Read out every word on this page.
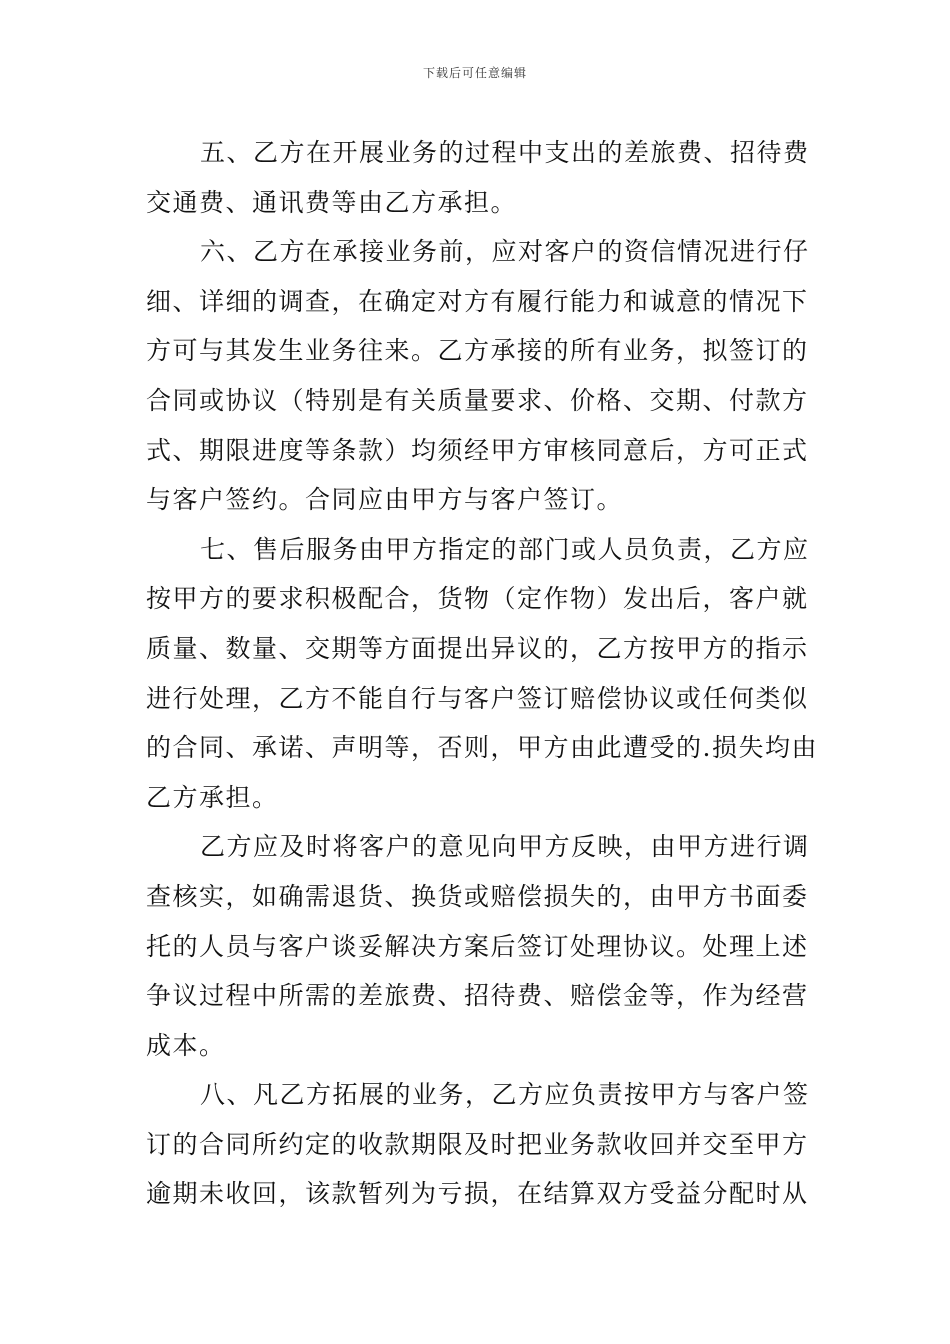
下载后可任意编辑
五、乙方在开展业务的过程中支出的差旅费、招待费
交通费、通讯费等由乙方承担。
六、乙方在承接业务前，应对客户的资信情况进行仔
细、详细的调查，在确定对方有履行能力和诚意的情况下
方可与其发生业务往来。乙方承接的所有业务，拟签订的
合同或协议（特别是有关质量要求、价格、交期、付款方
式、期限进度等条款）均须经甲方审核同意后，方可正式
与客户签约。合同应由甲方与客户签订。
七、售后服务由甲方指定的部门或人员负责，乙方应
按甲方的要求积极配合，货物（定作物）发出后，客户就
质量、数量、交期等方面提出异议的，乙方按甲方的指示
进行处理，乙方不能自行与客户签订赔偿协议或任何类似
的合同、承诺、声明等，否则，甲方由此遭受的.损失均由
乙方承担。
乙方应及时将客户的意见向甲方反映，由甲方进行调
查核实，如确需退货、换货或赔偿损失的，由甲方书面委
托的人员与客户谈妥解决方案后签订处理协议。处理上述
争议过程中所需的差旅费、招待费、赔偿金等，作为经营
成本。
八、凡乙方拓展的业务，乙方应负责按甲方与客户签
订的合同所约定的收款期限及时把业务款收回并交至甲方
逾期未收回，该款暂列为亏损，在结算双方受益分配时从
